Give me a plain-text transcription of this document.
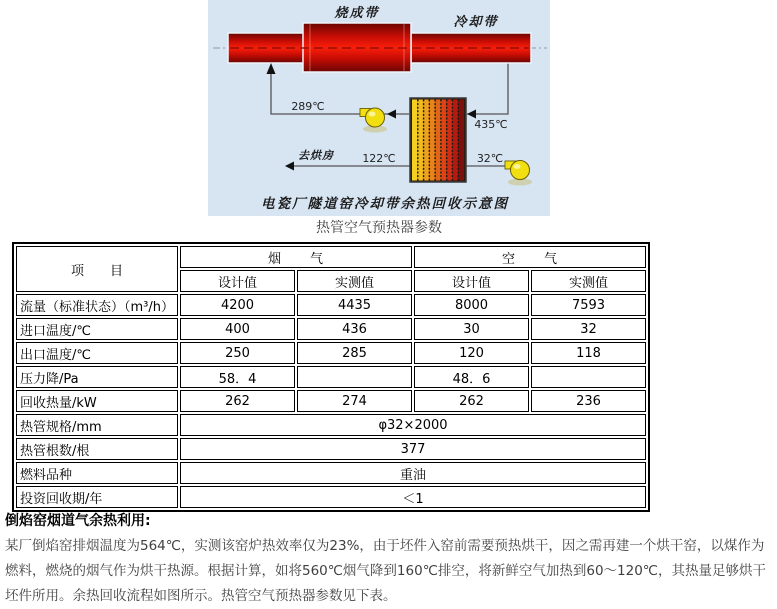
烧成带
冷却带
289℃
435℃
122℃	32℃
去烘房
电瓷厂隧道窑冷却带余热回收示意图
热管空气预热器参数
项　　目	烟　　气		空　　气	
	设计值	实测值	设计值	实测值
流量（标准状态）（m³/h）	4200	4435	8000	7593
进口温度/℃	400	436	30	32
出口温度/℃	250	285	120	118
压力降/Pa	58．4		48．6	
回收热量/kW	262	274	262	236
热管规格/mm	φ32×2000			
热管根数/根	377			
燃料品种	重油			
投资回收期/年	＜1			
倒焰窑烟道气余热利用:

某厂倒焰窑排烟温度为564℃，实测该窑炉热效率仅为23%，由于坯件入窑前需要预热烘干，因之需再建一个烘干窑，以煤作为燃料，燃烧的烟气作为烘干热源。根据计算，如将560℃烟气降到160℃排空，将新鲜空气加热到60～120℃，其热量足够烘干坯件所用。余热回收流程如图所示。热管空气预热器参数见下表。
